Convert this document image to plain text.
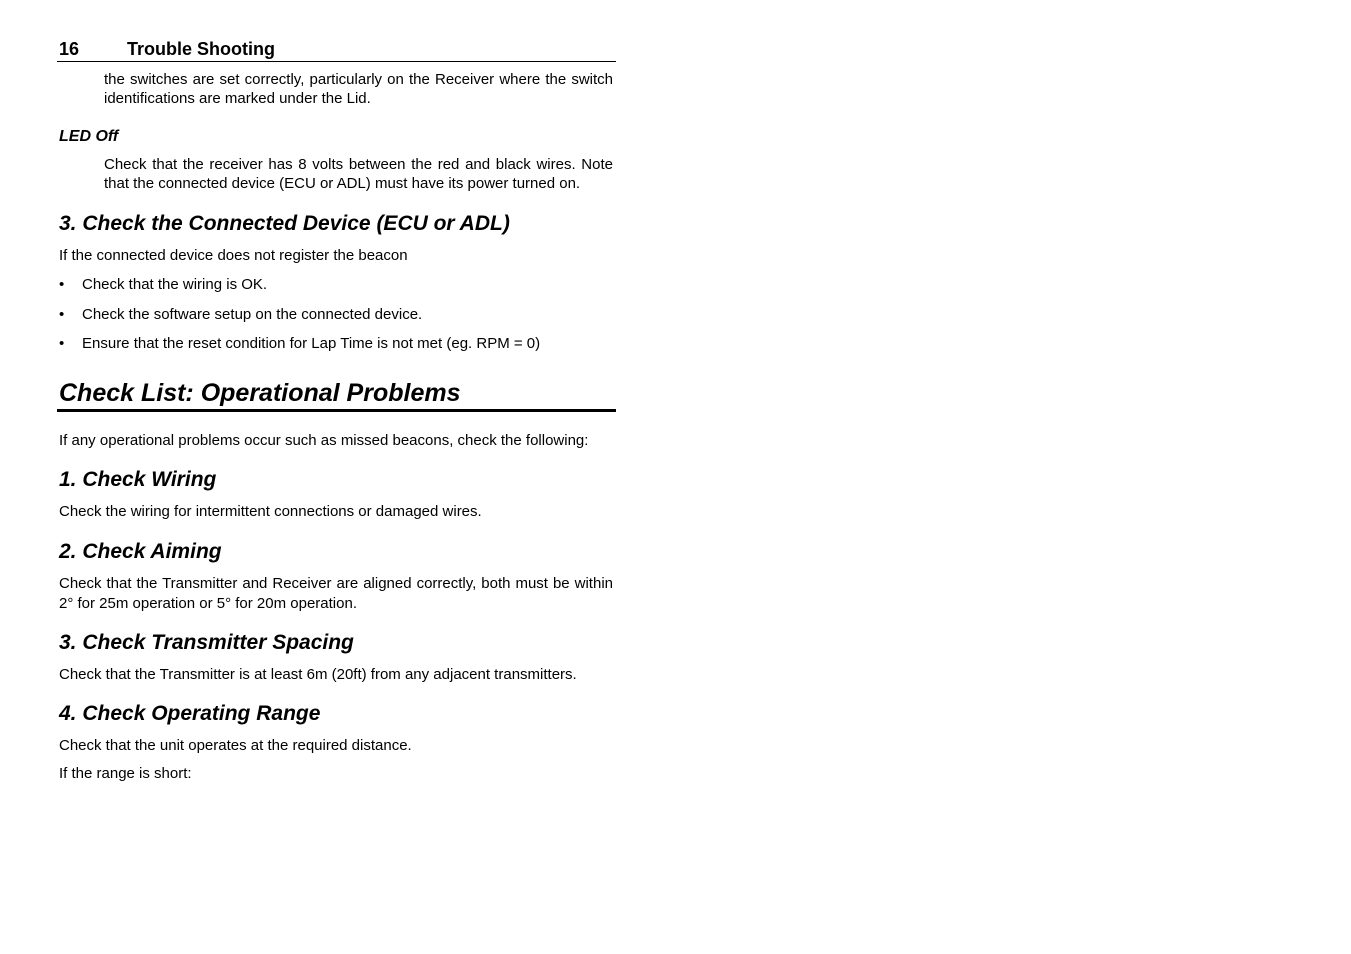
16	Trouble Shooting

the switches are set correctly, particularly on the Receiver where the switch identifications are marked under the Lid.

LED Off

Check that the receiver has 8 volts between the red and black wires. Note that the connected device (ECU or ADL) must have its power turned on.

3. Check the Connected Device (ECU or ADL)

If the connected device does not register the beacon

•	Check that the wiring is OK.
•	Check the software setup on the connected device.
•	Ensure that the reset condition for Lap Time is not met (eg. RPM = 0)
Check List: Operational Problems

If any operational problems occur such as missed beacons, check the following:

1. Check Wiring

Check the wiring for intermittent connections or damaged wires.

2. Check Aiming

Check that the Transmitter and Receiver are aligned correctly, both must be within 2° for 25m operation or 5° for 20m operation.

3. Check Transmitter Spacing

Check that the Transmitter is at least 6m (20ft) from any adjacent transmitters.

4. Check Operating Range

Check that the unit operates at the required distance.

If the range is short:
